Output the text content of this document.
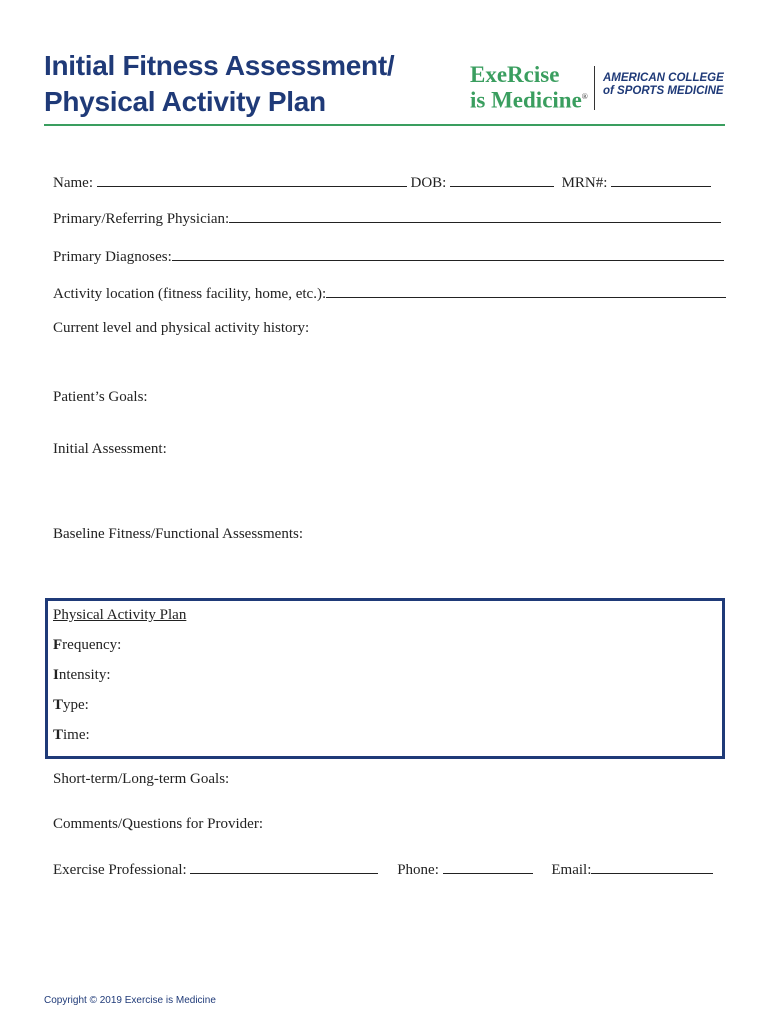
Initial Fitness Assessment/
Physical Activity Plan
ExeRcise
is Medicine®
AMERICAN COLLEGE
of SPORTS MEDICINE
Name:	DOB:	MRN#:
Primary/Referring Physician:
Primary Diagnoses:
Activity location (fitness facility, home, etc.):
Current level and physical activity history:
Patient’s Goals:
Initial Assessment:
Baseline Fitness/Functional Assessments:
Physical Activity Plan
Frequency:
Intensity:
Type:
Time:
Short-term/Long-term Goals:
Comments/Questions for Provider:
Exercise Professional:	Phone:	Email:
Copyright © 2019 Exercise is Medicine
